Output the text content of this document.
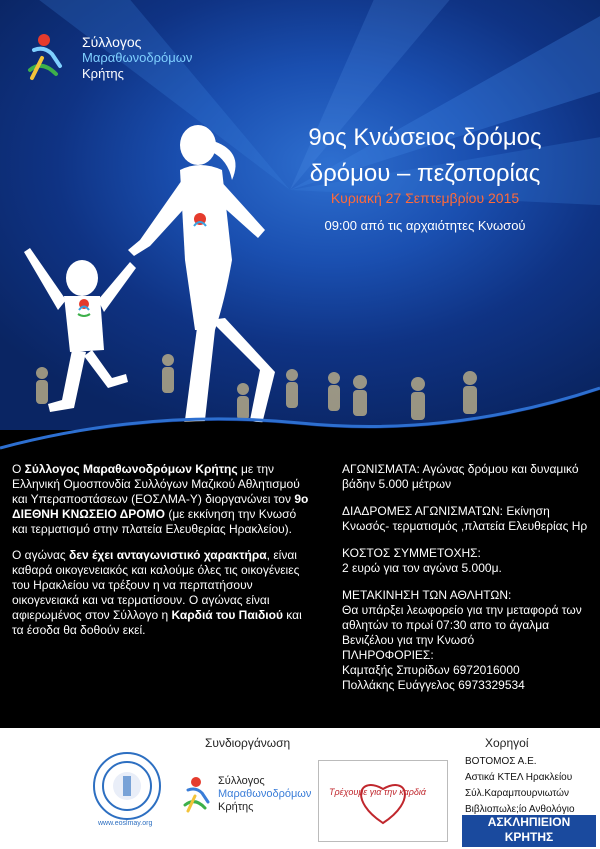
Σύλλογος
Μαραθωνοδρόμων
Κρήτης
9ος Κνώσειος δρόμος
δρόμου – πεζοπορίας
Κυριακή 27 Σεπτεμβρίου 2015
09:00 από τις αρχαιότητες Κνωσού

Ο Σύλλογος Μαραθωνοδρόμων Κρήτης με την Ελληνική Ομοσπονδία Συλλόγων Μαζικού Αθλητισμού και Υπεραποστάσεων (ΕΟΣΛΜΑ-Υ) διοργανώνει τον 9ο ΔΙΕΘΝΗ ΚΝΩΣΕΙΟ ΔΡΟΜΟ (με εκκίνηση την Κνωσό και τερματισμό στην πλατεία Ελευθερίας Ηρακλείου).

Ο αγώνας δεν έχει ανταγωνιστικό χαρακτήρα, είναι καθαρά οικογενειακός και καλούμε όλες τις οικογένειες του Ηρακλείου να τρέξουν η να περπατήσουν οικογενειακά και να τερματίσουν. Ο αγώνας είναι αφιερωμένος στον Σύλλογο η Καρδιά του Παιδιού και τα έσοδα θα δοθούν εκεί.

ΑΓΩΝΙΣΜΑΤΑ: Αγώνας δρόμου και δυναμικό βάδην 5.000 μέτρων

ΔΙΑΔΡΟΜΕΣ ΑΓΩΝΙΣΜΑΤΩΝ: Εκίνηση Κνωσός- τερματισμός ,πλατεία Ελευθερίας Ηρ

ΚΟΣΤΟΣ ΣΥΜΜΕΤΟΧΗΣ:
2 ευρώ για τον αγώνα 5.000μ.

ΜΕΤΑΚΙΝΗΣΗ ΤΩΝ ΑΘΛΗΤΩΝ:
Θα υπάρξει λεωφορείο για την μεταφορά των αθλητών το πρωί 07:30 απο το άγαλμα Βενιζέλου για την Κνωσό
ΠΛΗΡΟΦΟΡΙΕΣ:
Καμταξής Σπυρίδων 6972016000
Πολλάκης Ευάγγελος 6973329534

Συνδιοργάνωση	Χορηγοί
www.eoslmay.org
Σύλλογος
Μαραθωνοδρόμων
Κρήτης
Τρέχουμε για την καρδιά
ΒΟΤΟΜΟΣ Α.Ε.
Αστικά ΚΤΕΛ Ηρακλείου
Σύλ.Καραμπουρνιωτών
Βιβλιοπωλε;ίο Ανθολόγιο
ΑΣΚΛΗΠΙΕΙΟΝ
ΚΡΗΤΗΣ
